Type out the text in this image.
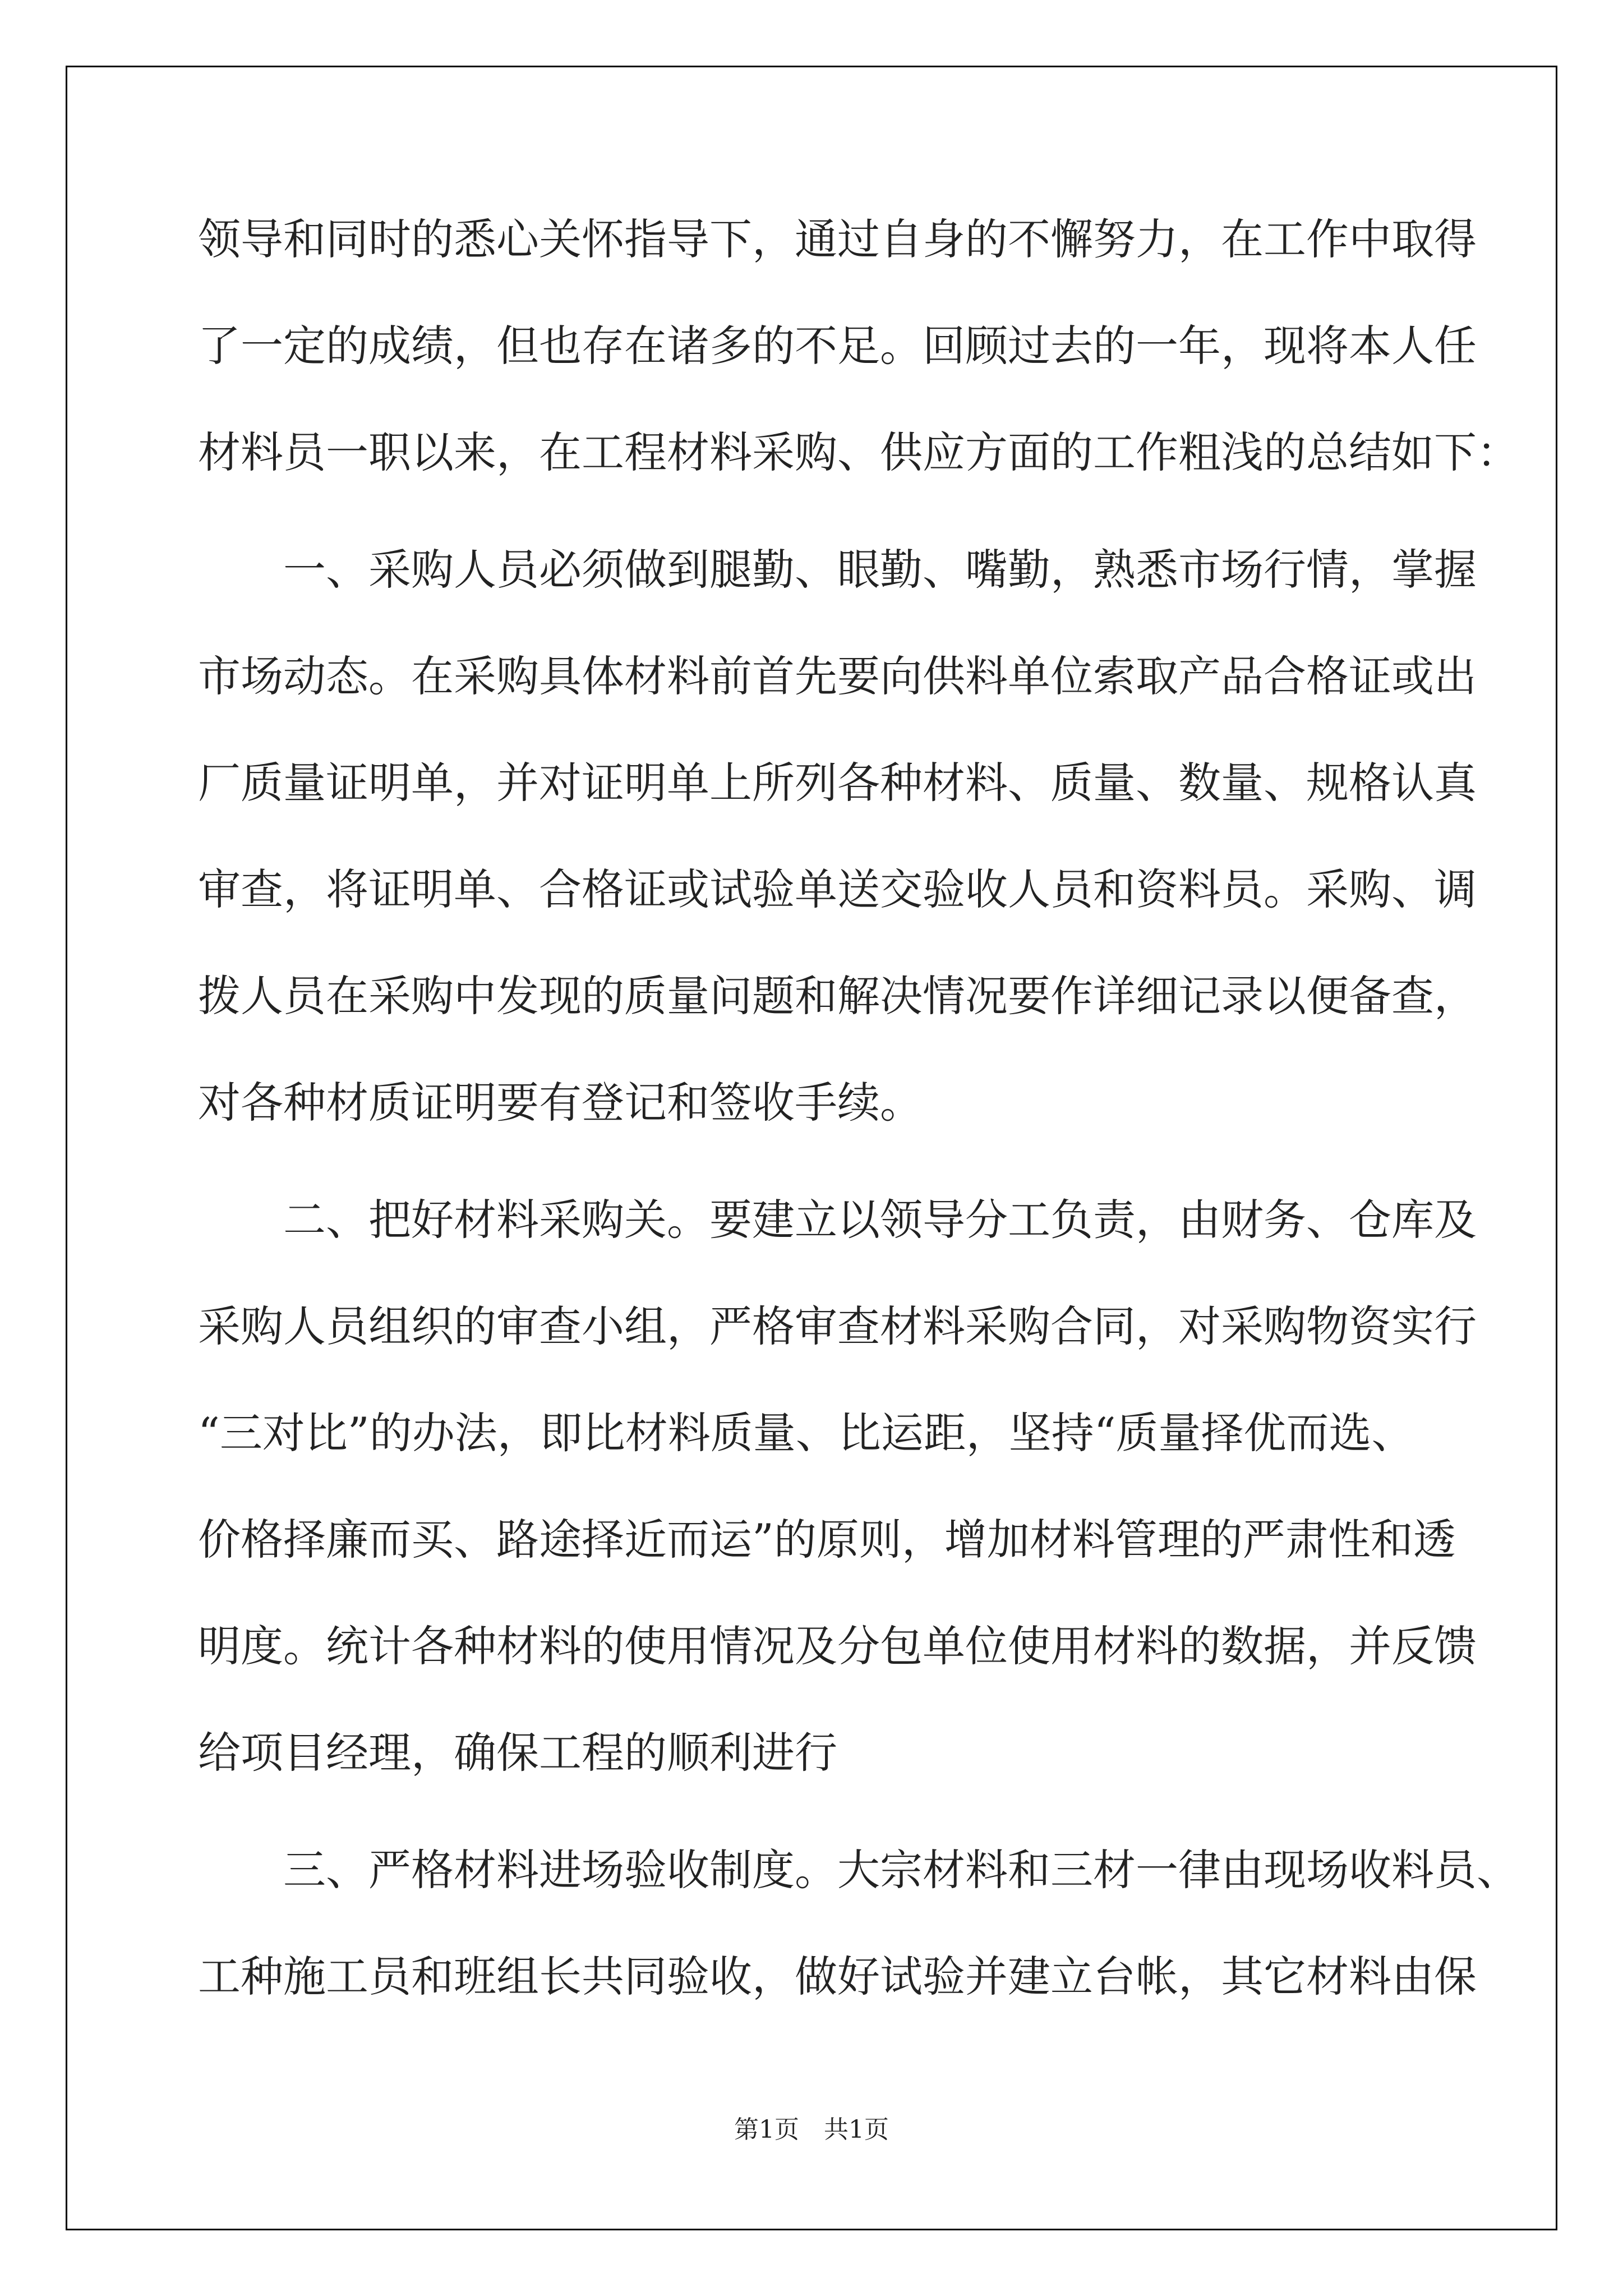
领导和同时的悉心关怀指导下，通过自身的不懈努力，在工作中取得

了一定的成绩，但也存在诸多的不足。回顾过去的一年，现将本人任

材料员一职以来，在工程材料采购、供应方面的工作粗浅的总结如下：

一、采购人员必须做到腿勤、眼勤、嘴勤，熟悉市场行情，掌握

市场动态。在采购具体材料前首先要向供料单位索取产品合格证或出

厂质量证明单，并对证明单上所列各种材料、质量、数量、规格认真

审查，将证明单、合格证或试验单送交验收人员和资料员。采购、调

拨人员在采购中发现的质量问题和解决情况要作详细记录以便备查，

对各种材质证明要有登记和签收手续。

二、把好材料采购关。要建立以领导分工负责，由财务、仓库及

采购人员组织的审查小组，严格审查材料采购合同，对采购物资实行

“三对比”的办法，即比材料质量、比运距，坚持“质量择优而选、

价格择廉而买、路途择近而运”的原则，增加材料管理的严肃性和透

明度。统计各种材料的使用情况及分包单位使用材料的数据，并反馈

给项目经理，确保工程的顺利进行

三、严格材料进场验收制度。大宗材料和三材一律由现场收料员、

工种施工员和班组长共同验收，做好试验并建立台帐，其它材料由保

第1页　共1页
